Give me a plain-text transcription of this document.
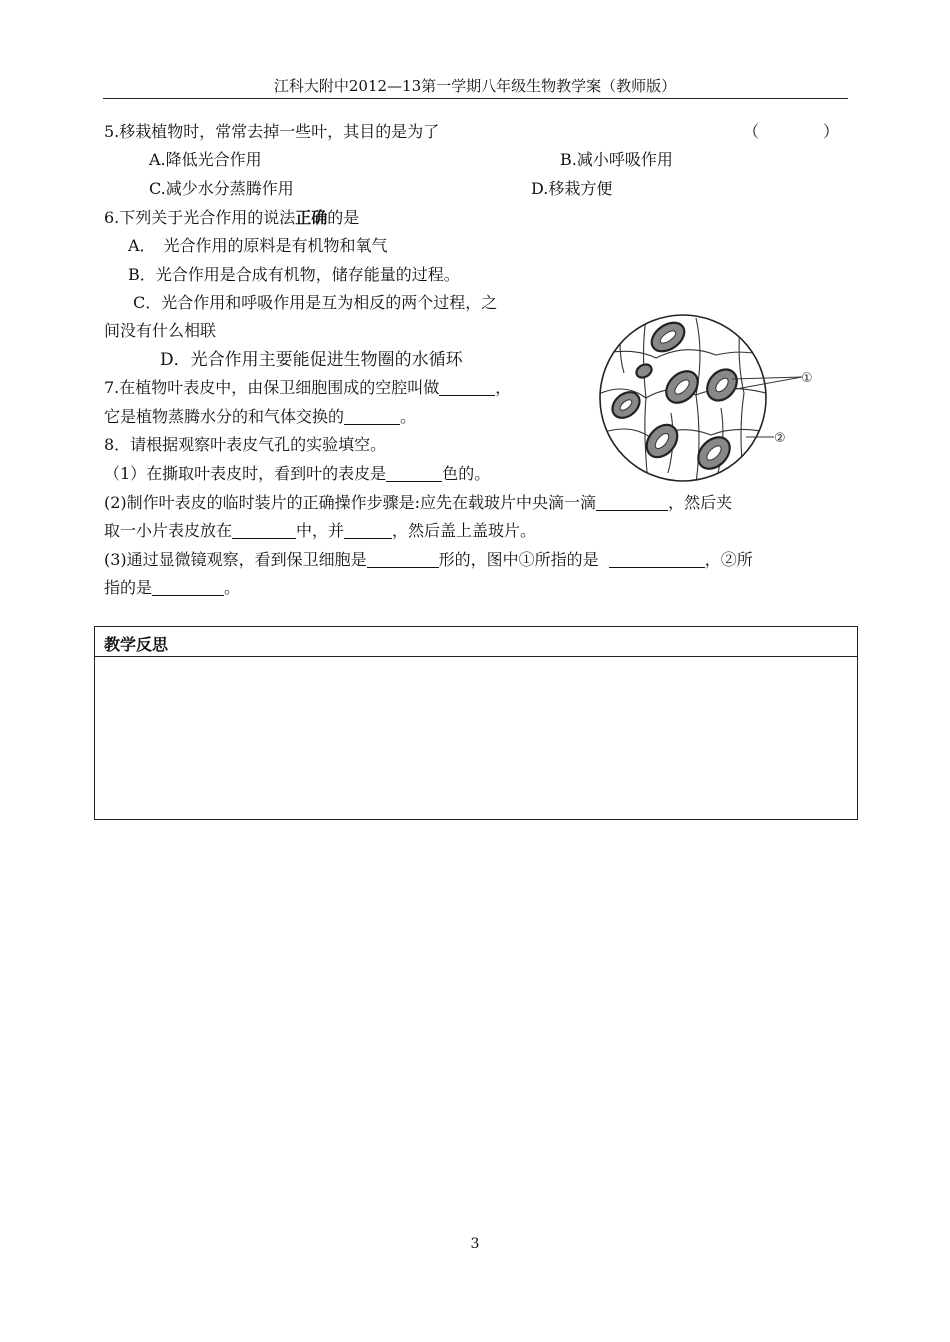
江科大附中2012—13第一学期八年级生物教学案（教师版）
5.移栽植物时，常常去掉一些叶，其目的是为了	（　　　　）
A.降低光合作用	B.减小呼吸作用
C.减少水分蒸腾作用	D.移栽方便
6.下列关于光合作用的说法正确的是
A．　光合作用的原料是有机物和氧气
B．光合作用是合成有机物，储存能量的过程。
C．光合作用和呼吸作用是互为相反的两个过程，之
间没有什么相联
D．光合作用主要能促进生物圈的水循环
7.在植物叶表皮中，由保卫细胞围成的空腔叫做	，
它是植物蒸腾水分的和气体交换的	。
8．请根据观察叶表皮气孔的实验填空。
（1）在撕取叶表皮时，看到叶的表皮是	色的。
(2)制作叶表皮的临时装片的正确操作步骤是:应先在载玻片中央滴一滴	，然后夹
取一小片表皮放在	中，并	，然后盖上盖玻片。
(3)通过显微镜观察，看到保卫细胞是	形的，图中①所指的是	，②所
指的是	。
①
②
教学反思
3
